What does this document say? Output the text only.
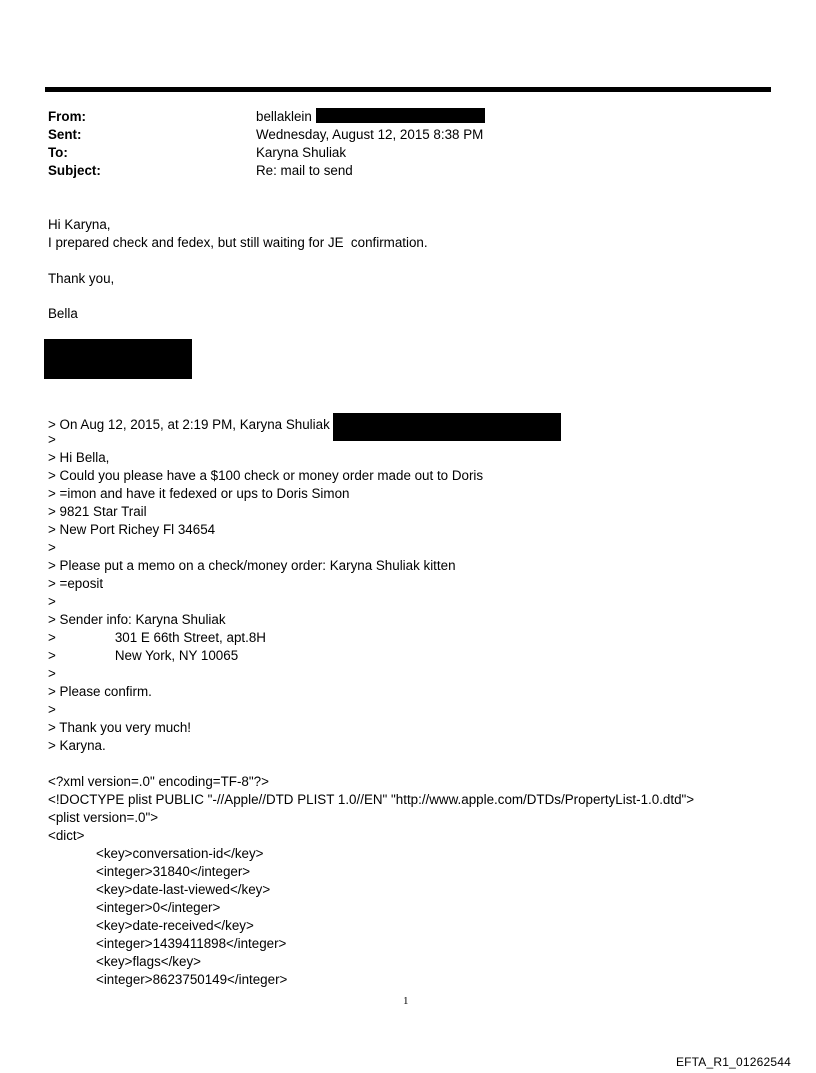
From:	bellaklein
Sent:	Wednesday, August 12, 2015 8:38 PM
To:	Karyna Shuliak
Subject:	Re: mail to send

Hi Karyna,

I prepared check and fedex, but still waiting for JE  confirmation.

Thank you,

Bella

> On Aug 12, 2015, at 2:19 PM, Karyna Shuliak

>

> Hi Bella,

> Could you please have a $100 check or money order made out to Doris

> =imon and have it fedexed or ups to Doris Simon

> 9821 Star Trail

> New Port Richey Fl 34654

>

> Please put a memo on a check/money order: Karyna Shuliak kitten

> =eposit

>

> Sender info: Karyna Shuliak

>	301 E 66th Street, apt.8H

>	New York, NY 10065

>

> Please confirm.

>

> Thank you very much!

> Karyna.

<?xml version=.0" encoding=TF-8"?>

<!DOCTYPE plist PUBLIC "-//Apple//DTD PLIST 1.0//EN" "http://www.apple.com/DTDs/PropertyList-1.0.dtd">

<plist version=.0">

<dict>

<key>conversation-id</key>

<integer>31840</integer>

<key>date-last-viewed</key>

<integer>0</integer>

<key>date-received</key>

<integer>1439411898</integer>

<key>flags</key>

<integer>8623750149</integer>

1
EFTA_R1_01262544
